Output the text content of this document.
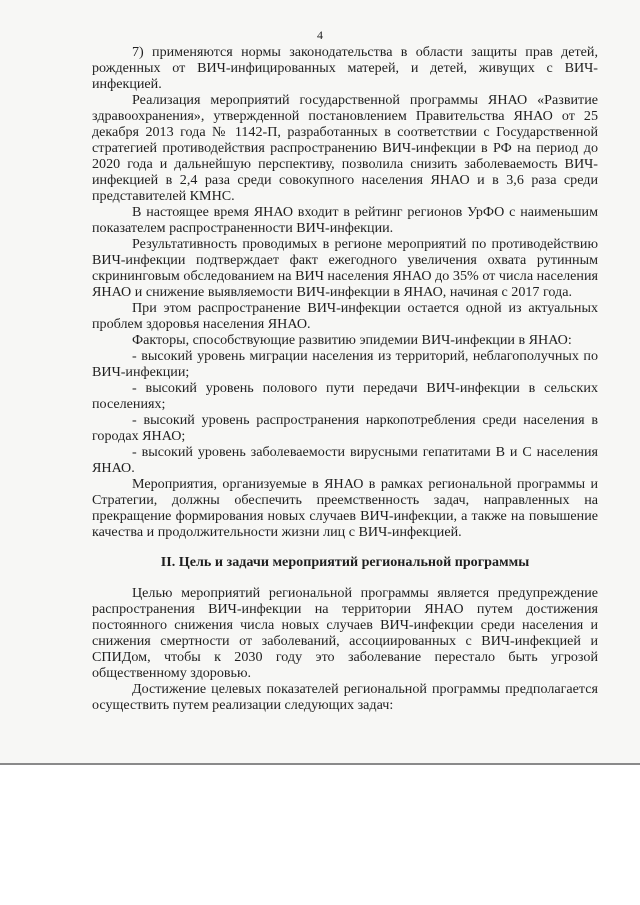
4

7) применяются нормы законодательства в области защиты прав детей, рожденных от ВИЧ-инфицированных матерей, и детей, живущих с ВИЧ-инфекцией.

Реализация мероприятий государственной программы ЯНАО «Развитие здравоохранения», утвержденной постановлением Правительства ЯНАО от 25 декабря 2013 года № 1142-П, разработанных в соответствии с Государственной стратегией противодействия распространению ВИЧ-инфекции в РФ на период до 2020 года и дальнейшую перспективу, позволила снизить заболеваемость ВИЧ-инфекцией в 2,4 раза среди совокупного населения ЯНАО и в 3,6 раза среди представителей КМНС.

В настоящее время ЯНАО входит в рейтинг регионов УрФО с наименьшим показателем распространенности ВИЧ-инфекции.

Результативность проводимых в регионе мероприятий по противодействию ВИЧ-инфекции подтверждает факт ежегодного увеличения охвата рутинным скрининговым обследованием на ВИЧ населения ЯНАО до 35% от числа населения ЯНАО и снижение выявляемости ВИЧ-инфекции в ЯНАО, начиная с 2017 года.

При этом распространение ВИЧ-инфекции остается одной из актуальных проблем здоровья населения ЯНАО.

Факторы, способствующие развитию эпидемии ВИЧ-инфекции в ЯНАО:

- высокий уровень миграции населения из территорий, неблагополучных по ВИЧ-инфекции;

- высокий уровень полового пути передачи ВИЧ-инфекции в сельских поселениях;

- высокий уровень распространения наркопотребления среди населения в городах ЯНАО;

- высокий уровень заболеваемости вирусными гепатитами В и С населения ЯНАО.

Мероприятия, организуемые в ЯНАО в рамках региональной программы и Стратегии, должны обеспечить преемственность задач, направленных на прекращение формирования новых случаев ВИЧ-инфекции, а также на повышение качества и продолжительности жизни лиц с ВИЧ-инфекцией.

II. Цель и задачи мероприятий региональной программы

Целью мероприятий региональной программы является предупреждение распространения ВИЧ-инфекции на территории ЯНАО путем достижения постоянного снижения числа новых случаев ВИЧ-инфекции среди населения и снижения смертности от заболеваний, ассоциированных с ВИЧ-инфекцией и СПИДом, чтобы к 2030 году это заболевание перестало быть угрозой общественному здоровью.

Достижение целевых показателей региональной программы предполагается осуществить путем реализации следующих задач:
